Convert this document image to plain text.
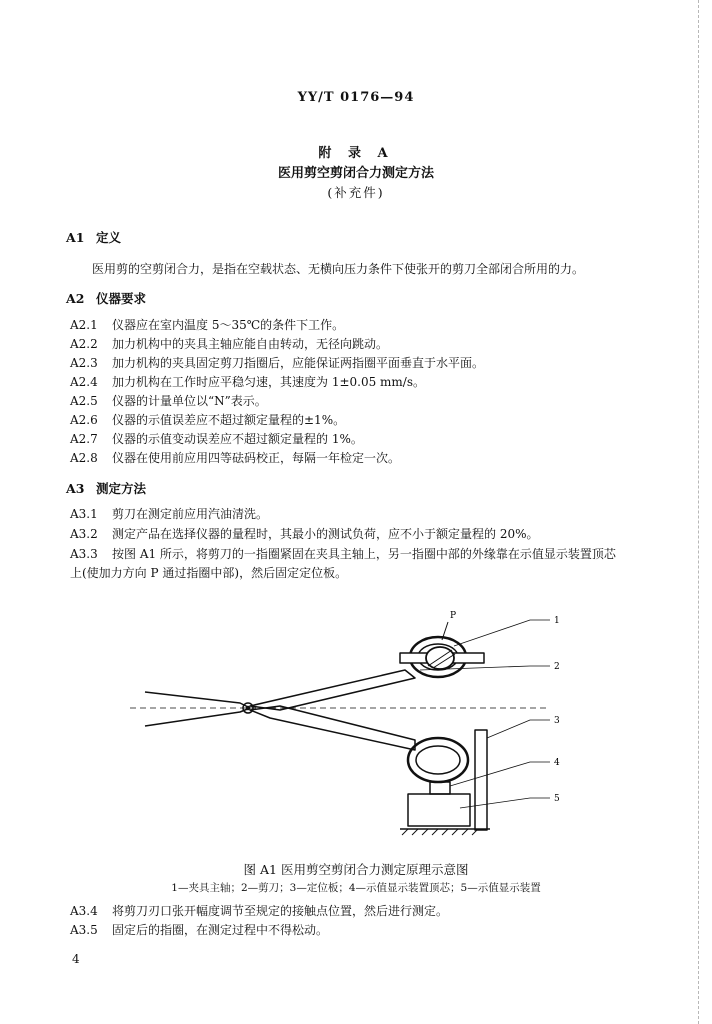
YY/T 0176—94
附 录 A
医用剪空剪闭合力测定方法
(补充件)
A1 定义
医用剪的空剪闭合力，是指在空载状态、无横向压力条件下使张开的剪刀全部闭合所用的力。
A2 仪器要求
A2.1 仪器应在室内温度 5～35℃的条件下工作。
A2.2 加力机构中的夹具主轴应能自由转动，无径向跳动。
A2.3 加力机构的夹具固定剪刀指圈后，应能保证两指圈平面垂直于水平面。
A2.4 加力机构在工作时应平稳匀速，其速度为 1±0.05 mm/s。
A2.5 仪器的计量单位以“N”表示。
A2.6 仪器的示值误差应不超过额定量程的±1%。
A2.7 仪器的示值变动误差应不超过额定量程的 1%。
A2.8 仪器在使用前应用四等砝码校正，每隔一年检定一次。
A3 测定方法
A3.1 剪刀在测定前应用汽油清洗。
A3.2 测定产品在选择仪器的量程时，其最小的测试负荷，应不小于额定量程的 20%。
A3.3 按图 A1 所示，将剪刀的一指圈紧固在夹具主轴上，另一指圈中部的外缘靠在示值显示装置顶芯
上(使加力方向 P 通过指圈中部)，然后固定定位板。
P	1
2
3
4
5
图 A1 医用剪空剪闭合力测定原理示意图
1—夹具主轴；2—剪刀；3—定位板；4—示值显示装置顶芯；5—示值显示装置
A3.4 将剪刀刃口张开幅度调节至规定的接触点位置，然后进行测定。
A3.5 固定后的指圈，在测定过程中不得松动。
4
